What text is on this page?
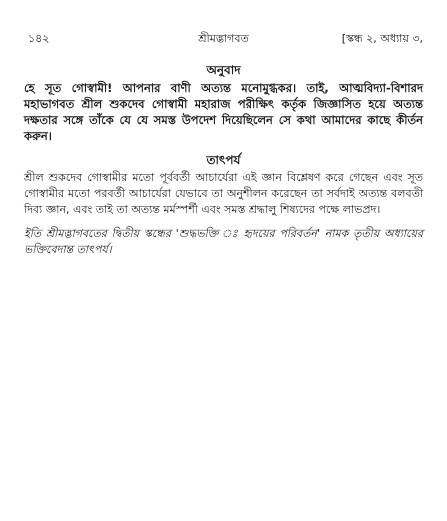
১৪২	শ্রীমদ্ভাগবত	[স্কন্ধ ২, অধ্যায় ৩,
অনুবাদ

হে সূত গোস্বামী! আপনার বাণী অত্যন্ত মনোমুগ্ধকর। তাই, আত্মবিদ্যা-বিশারদ মহাভাগবত শ্রীল শুকদেব গোস্বামী মহারাজ পরীক্ষিৎ কর্তৃক জিজ্ঞাসিত হয়ে অত্যন্ত দক্ষতার সঙ্গে তাঁকে যে যে সমস্ত উপদেশ দিয়েছিলেন সে কথা আমাদের কাছে কীর্তন করুন।

তাৎপর্য

শ্রীল শুকদেব গোস্বামীর মতো পূর্ববর্তী আচার্যেরা এই জ্ঞান বিশ্লেষণ করে গেছেন এবং সূত গোস্বামীর মতো পরবর্তী আচার্যেরা যেভাবে তা অনুশীলন করেছেন তা সর্বদাই অত্যন্ত বলবতী দিব্য জ্ঞান, এবং তাই তা অত্যন্ত মর্মস্পর্শী এবং সমস্ত শ্রদ্ধালু শিষ্যদের পক্ষে লাভপ্রদ।

ইতি শ্রীমদ্ভাগবতের দ্বিতীয় স্কন্ধের 'শুদ্ধভক্তি ঃ হৃদয়ের পরিবর্তন' নামক তৃতীয় অধ্যায়ের ভক্তিবেদান্ত তাৎপর্য।
